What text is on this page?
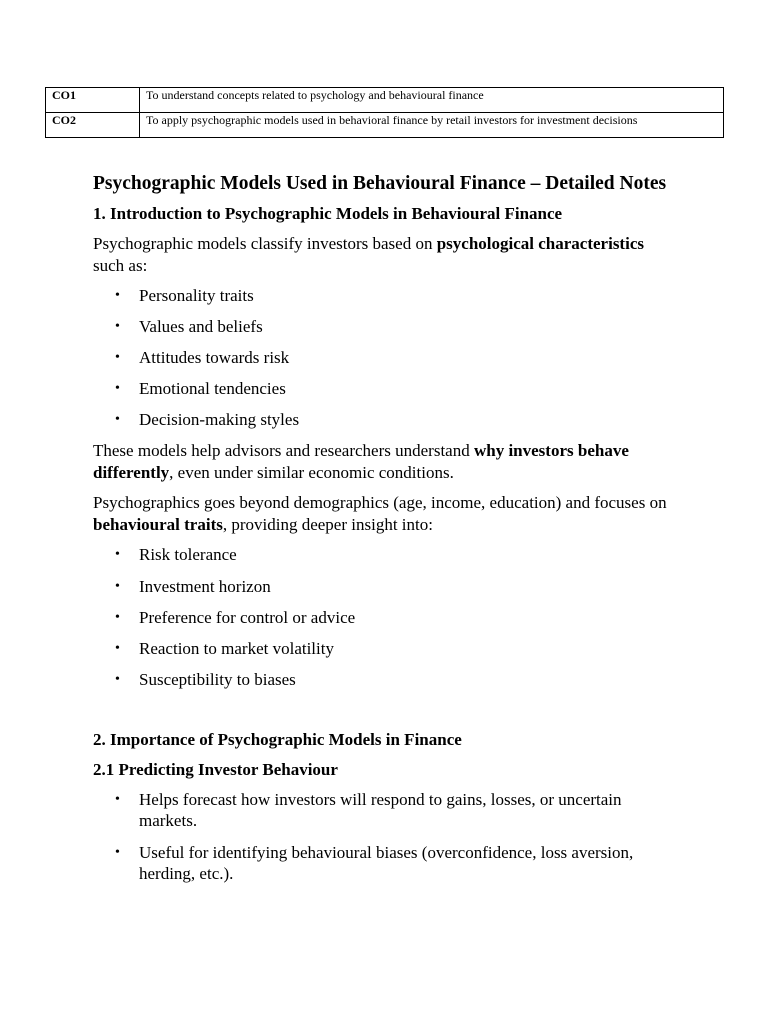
CO1	To understand concepts related to psychology and behavioural finance
CO2	To apply psychographic models used in behavioral finance by retail investors for investment decisions
Psychographic Models Used in Behavioural Finance – Detailed Notes
1. Introduction to Psychographic Models in Behavioural Finance

Psychographic models classify investors based on psychological characteristics such as:

• Personality traits
• Values and beliefs
• Attitudes towards risk
• Emotional tendencies
• Decision-making styles

These models help advisors and researchers understand why investors behave differently, even under similar economic conditions.

Psychographics goes beyond demographics (age, income, education) and focuses on behavioural traits, providing deeper insight into:

• Risk tolerance
• Investment horizon
• Preference for control or advice
• Reaction to market volatility
• Susceptibility to biases
2. Importance of Psychographic Models in Finance
2.1 Predicting Investor Behaviour
• Helps forecast how investors will respond to gains, losses, or uncertain markets.
• Useful for identifying behavioural biases (overconfidence, loss aversion, herding, etc.).
